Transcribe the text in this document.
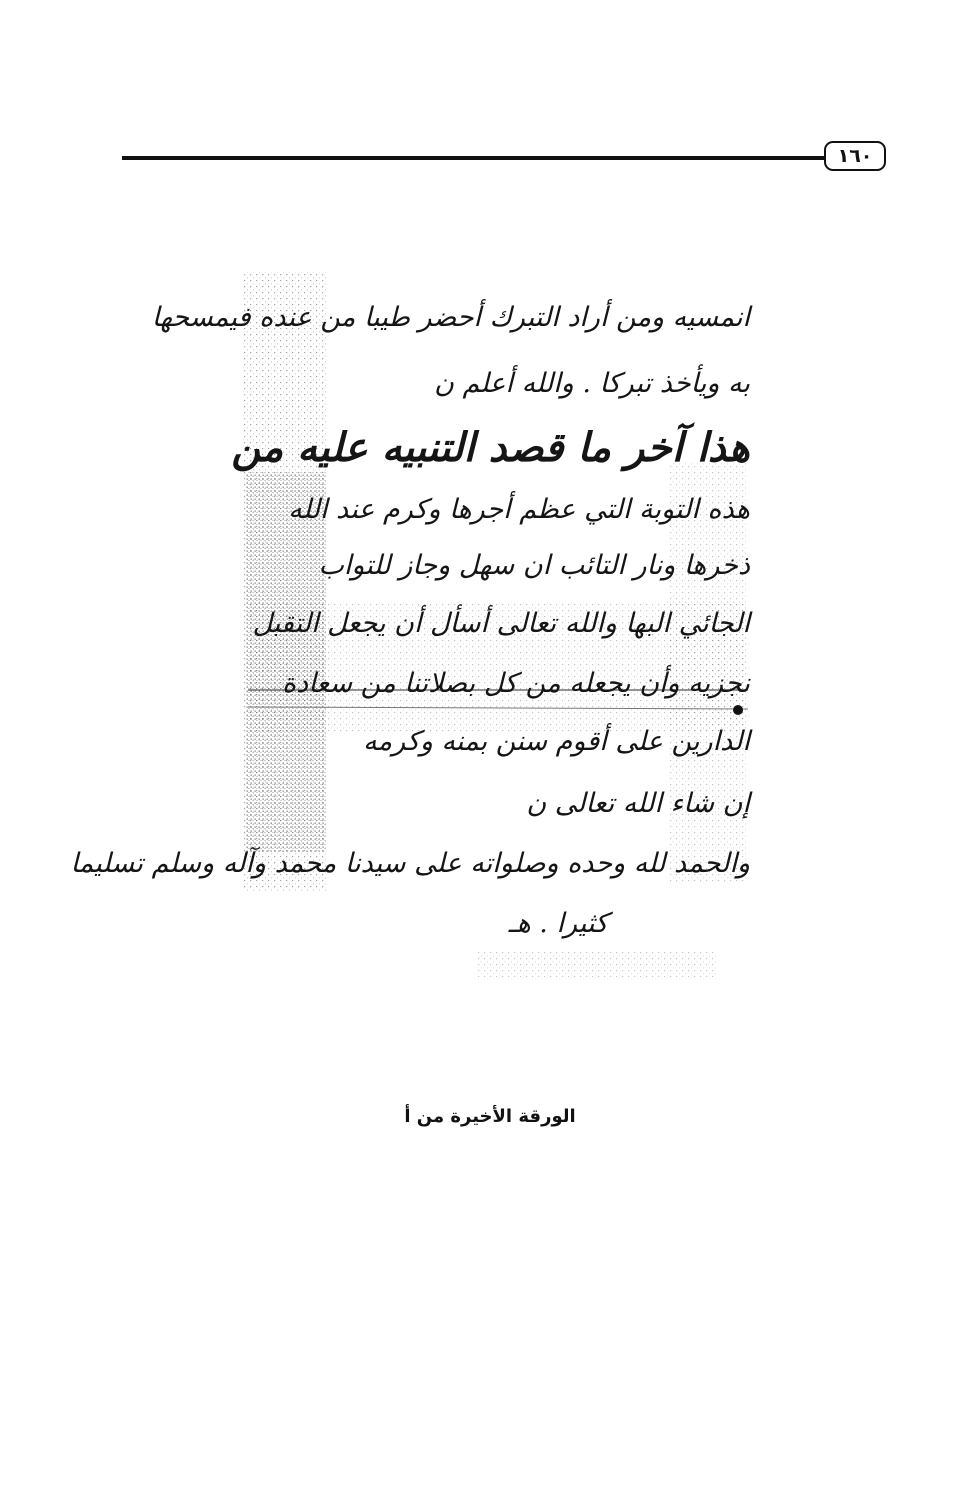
١٦٠
انمسيه ومن أراد التبرك أحضر طيبا من عنده فيمسحها
به ويأخذ تبركا . والله أعلم ن
هذا آخر ما قصد التنبيه عليه من
هذه التوبة التي عظم أجرها وكرم عند الله
ذخرها ونار التائب ان سهل وجاز للتواب
الجائي البها والله تعالى أسأل أن يجعل التقبل
نجزيه وأن يجعله من كل بصلاتنا من سعادة
الدارين على أقوم سنن بمنه وكرمه
إن شاء الله تعالى ن
والحمد لله وحده وصلواته على سيدنا محمد وآله وسلم تسليما
كثيرا . هـ
الورقة الأخيرة من أ
